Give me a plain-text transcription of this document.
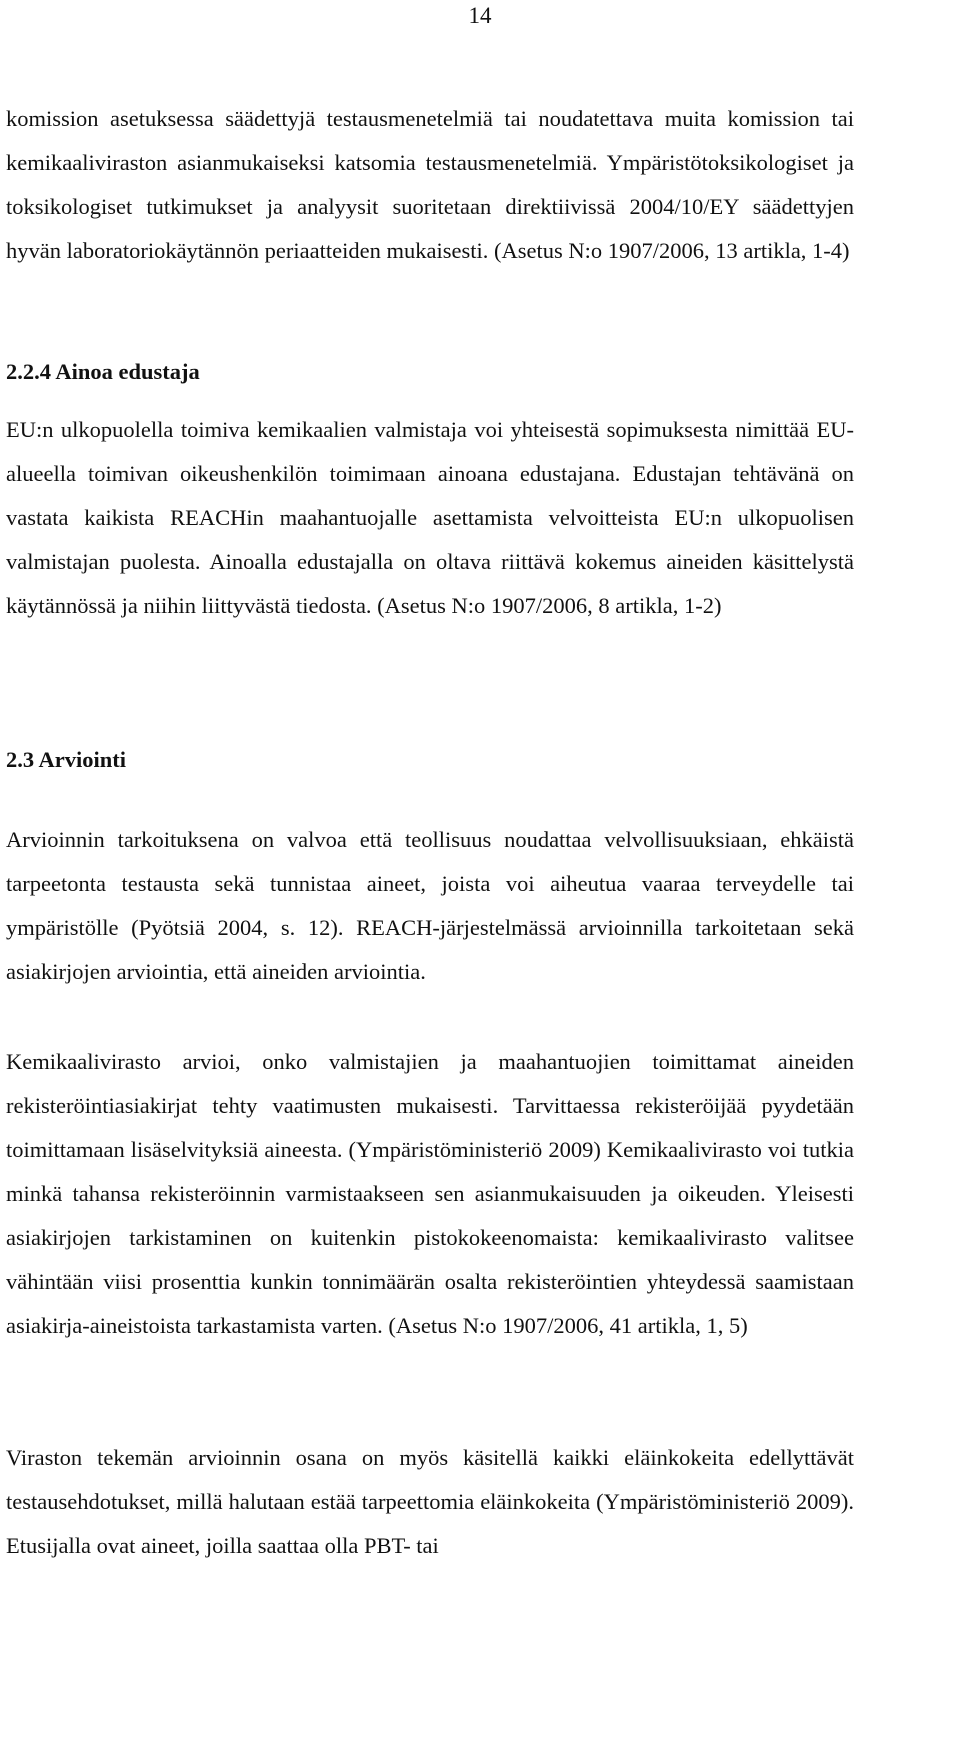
14

komission asetuksessa säädettyjä testausmenetelmiä tai noudatettava muita komission tai kemikaaliviraston asianmukaiseksi katsomia testausmenetelmiä. Ympäristötoksikologiset ja toksikologiset tutkimukset ja analyysit suoritetaan direktiivissä 2004/10/EY säädettyjen hyvän laboratoriokäytännön periaatteiden mukaisesti. (Asetus N:o 1907/2006, 13 artikla, 1-4)

2.2.4 Ainoa edustaja

EU:n ulkopuolella toimiva kemikaalien valmistaja voi yhteisestä sopimuksesta nimittää EU-alueella toimivan oikeushenkilön toimimaan ainoana edustajana. Edustajan tehtävänä on vastata kaikista REACHin maahantuojalle asettamista velvoitteista EU:n ulkopuolisen valmistajan puolesta. Ainoalla edustajalla on oltava riittävä kokemus aineiden käsittelystä käytännössä ja niihin liittyvästä tiedosta. (Asetus N:o 1907/2006, 8 artikla, 1-2)

2.3 Arviointi

Arvioinnin tarkoituksena on valvoa että teollisuus noudattaa velvollisuuksiaan, ehkäistä tarpeetonta testausta sekä tunnistaa aineet, joista voi aiheutua vaaraa terveydelle tai ympäristölle (Pyötsiä 2004, s. 12). REACH-järjestelmässä arvioinnilla tarkoitetaan sekä asiakirjojen arviointia, että aineiden arviointia.

Kemikaalivirasto arvioi, onko valmistajien ja maahantuojien toimittamat aineiden rekisteröintiasiakirjat tehty vaatimusten mukaisesti. Tarvittaessa rekisteröijää pyydetään toimittamaan lisäselvityksiä aineesta. (Ympäristöministeriö 2009) Kemikaalivirasto voi tutkia minkä tahansa rekisteröinnin varmistaakseen sen asianmukaisuuden ja oikeuden. Yleisesti asiakirjojen tarkistaminen on kuitenkin pistokokeenomaista: kemikaalivirasto valitsee vähintään viisi prosenttia kunkin tonnimäärän osalta rekisteröintien yhteydessä saamistaan asiakirja-aineistoista tarkastamista varten. (Asetus N:o 1907/2006, 41 artikla, 1, 5)

Viraston tekemän arvioinnin osana on myös käsitellä kaikki eläinkokeita edellyttävät testausehdotukset, millä halutaan estää tarpeettomia eläinkokeita (Ympäristöministeriö 2009). Etusijalla ovat aineet, joilla saattaa olla PBT- tai
